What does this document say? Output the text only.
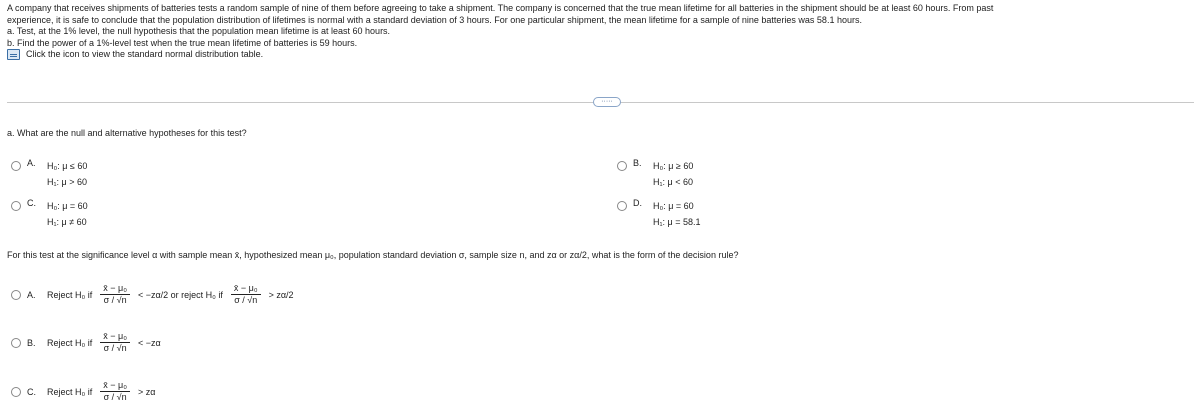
A company that receives shipments of batteries tests a random sample of nine of them before agreeing to take a shipment. The company is concerned that the true mean lifetime for all batteries in the shipment should be at least 60 hours. From past
experience, it is safe to conclude that the population distribution of lifetimes is normal with a standard deviation of 3 hours. For one particular shipment, the mean lifetime for a sample of nine batteries was 58.1 hours.
a. Test, at the 1% level, the null hypothesis that the population mean lifetime is at least 60 hours.
b. Find the power of a 1%-level test when the true mean lifetime of batteries is 59 hours.
Click the icon to view the standard normal distribution table.
·····
a. What are the null and alternative hypotheses for this test?
A.	H₀: μ ≤ 60
H₁: μ > 60
B.	H₀: μ ≥ 60
H₁: μ < 60
C.	H₀: μ = 60
H₁: μ ≠ 60
D.	H₀: μ = 60
H₁: μ = 58.1
For this test at the significance level α with sample mean x̄, hypothesized mean μ₀, population standard deviation σ, sample size n, and zα or zα/2, what is the form of the decision rule?
A.	Reject H₀ if $\frac{\text{x̄ − μ₀}}{\sigma / √n} < -z\alpha/2$ or reject H₀ if $\frac{\text{x̄ − μ₀}}{\sigma / √n} > z\alpha/2$
B.	Reject H₀ if $\frac{\text{x̄ − μ₀}}{\sigma / √n} < -z\alpha$
C.	Reject H₀ if $\frac{\text{x̄ − μ₀}}{\sigma / √n} > z\alpha$
